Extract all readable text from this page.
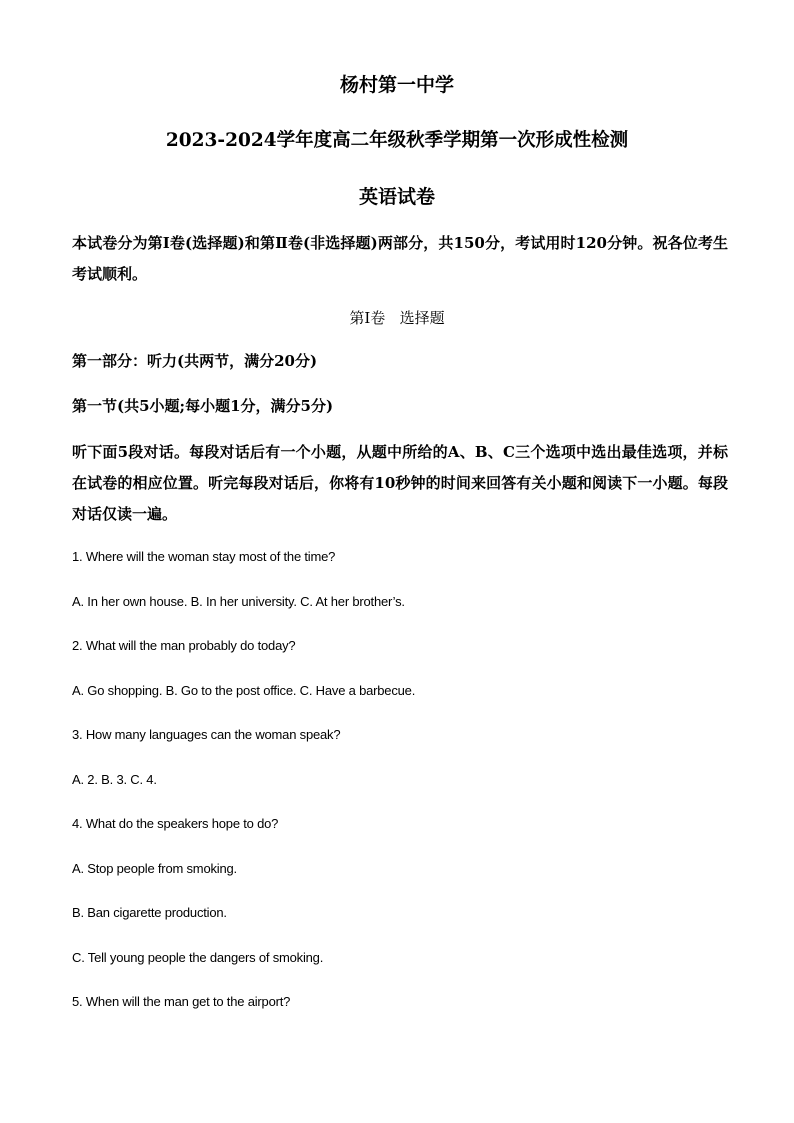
杨村第一中学
2023-2024学年度高二年级秋季学期第一次形成性检测
英语试卷
本试卷分为第Ⅰ卷(选择题)和第Ⅱ卷(非选择题)两部分，共150分，考试用时120分钟。祝各位考生考试顺利。
第Ⅰ卷   选择题
第一部分：听力(共两节，满分20分)
第一节(共5小题;每小题1分，满分5分)
听下面5段对话。每段对话后有一个小题，从题中所给的A、B、C三个选项中选出最佳选项，并标在试卷的相应位置。听完每段对话后，你将有10秒钟的时间来回答有关小题和阅读下一小题。每段对话仅读一遍。
1. Where will the woman stay most of the time?
A. In her own house. B. In her university. C. At her brother’s.
2. What will the man probably do today?
A. Go shopping. B. Go to the post office. C. Have a barbecue.
3. How many languages can the woman speak?
A. 2. B. 3. C. 4.
4. What do the speakers hope to do?
A. Stop people from smoking.
B. Ban cigarette production.
C. Tell young people the dangers of smoking.
5. When will the man get to the airport?
